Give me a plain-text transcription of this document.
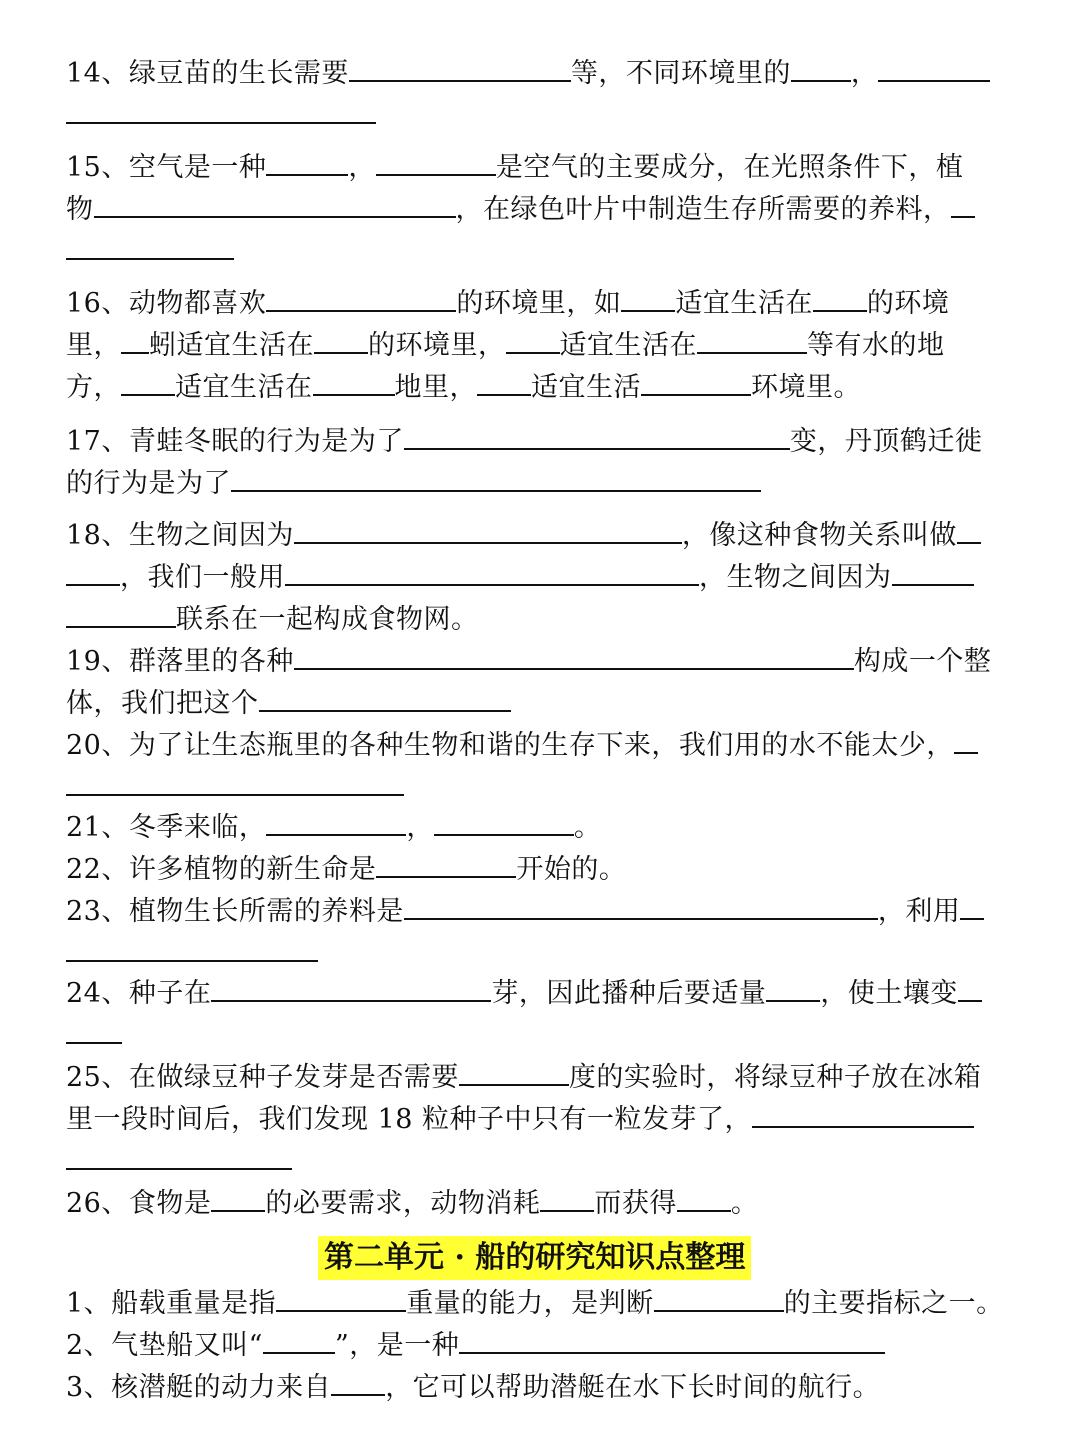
14、绿豆苗的生长需要	等，不同环境里的 ，
15、空气是一种	，	是空气的主要成分，在光照条件下，植
物	，在绿色叶片中制造生存所需要的养料，
16、动物都喜欢	的环境里，如 适宜生活在 的环境
里， 蚓适宜生活在 的环境里， 适宜生活在	等有水的地
方， 适宜生活在	地里， 适宜生活	环境里。
17、青蛙冬眠的行为是为了	变，丹顶鹤迁徙
的行为是为了
18、生物之间因为	，像这种食物关系叫做
，我们一般用	，生物之间因为
联系在一起构成食物网。
19、群落里的各种	构成一个整
体，我们把这个
20、为了让生态瓶里的各种生物和谐的生存下来，我们用的水不能太少，
21、冬季来临，	，	。
22、许多植物的新生命是	开始的。
23、植物生长所需的养料是	，利用
24、种子在	芽，因此播种后要适量 ，使土壤变
25、在做绿豆种子发芽是否需要	度的实验时，将绿豆种子放在冰箱
里一段时间后，我们发现 18 粒种子中只有一粒发芽了，
26、食物是 的必要需求，动物消耗 而获得 。
第二单元 · 船的研究知识点整理
1、船载重量是指	重量的能力，是判断	的主要指标之一。
2、气垫船又叫“	”，是一种
3、核潜艇的动力来自 ，它可以帮助潜艇在水下长时间的航行。
